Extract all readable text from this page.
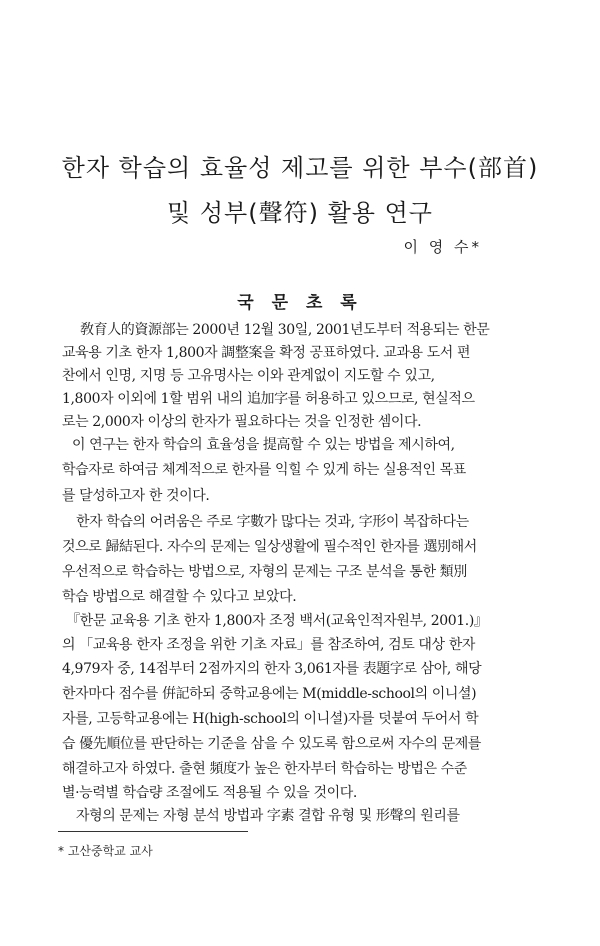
한자 학습의 효율성 제고를 위한 부수(部首)
및 성부(聲符) 활용 연구
이 영 수*
국 문 초 록
敎育人的資源部는 2000년 12월 30일, 2001년도부터 적용되는 한문
교육용 기초 한자 1,800자 調整案을 확정 공표하였다. 교과용 도서 편
찬에서 인명, 지명 등 고유명사는 이와 관계없이 지도할 수 있고,
1,800자 이외에 1할 범위 내의 追加字를 허용하고 있으므로, 현실적으
로는 2,000자 이상의 한자가 필요하다는 것을 인정한 셈이다.
이 연구는 한자 학습의 효율성을 提高할 수 있는 방법을 제시하여,
학습자로 하여금 체계적으로 한자를 익힐 수 있게 하는 실용적인 목표
를 달성하고자 한 것이다.
한자 학습의 어려움은 주로 字數가 많다는 것과, 字形이 복잡하다는
것으로 歸結된다. 자수의 문제는 일상생활에 필수적인 한자를 選別해서
우선적으로 학습하는 방법으로, 자형의 문제는 구조 분석을 통한 類別
학습 방법으로 해결할 수 있다고 보았다.
『한문 교육용 기초 한자 1,800자 조정 백서(교육인적자원부, 2001.)』
의 「교육용 한자 조정을 위한 기초 자료」를 참조하여, 검토 대상 한자
4,979자 중, 14점부터 2점까지의 한자 3,061자를 表題字로 삼아, 해당
한자마다 점수를 倂記하되 중학교용에는 M(middle-school의 이니셜)
자를, 고등학교용에는 H(high-school의 이니셜)자를 덧붙여 두어서 학
습 優先順位를 판단하는 기준을 삼을 수 있도록 함으로써 자수의 문제를
해결하고자 하였다. 출현 頻度가 높은 한자부터 학습하는 방법은 수준
별·능력별 학습량 조절에도 적용될 수 있을 것이다.
자형의 문제는 자형 분석 방법과 字素 결합 유형 및 形聲의 원리를
* 고산중학교 교사
